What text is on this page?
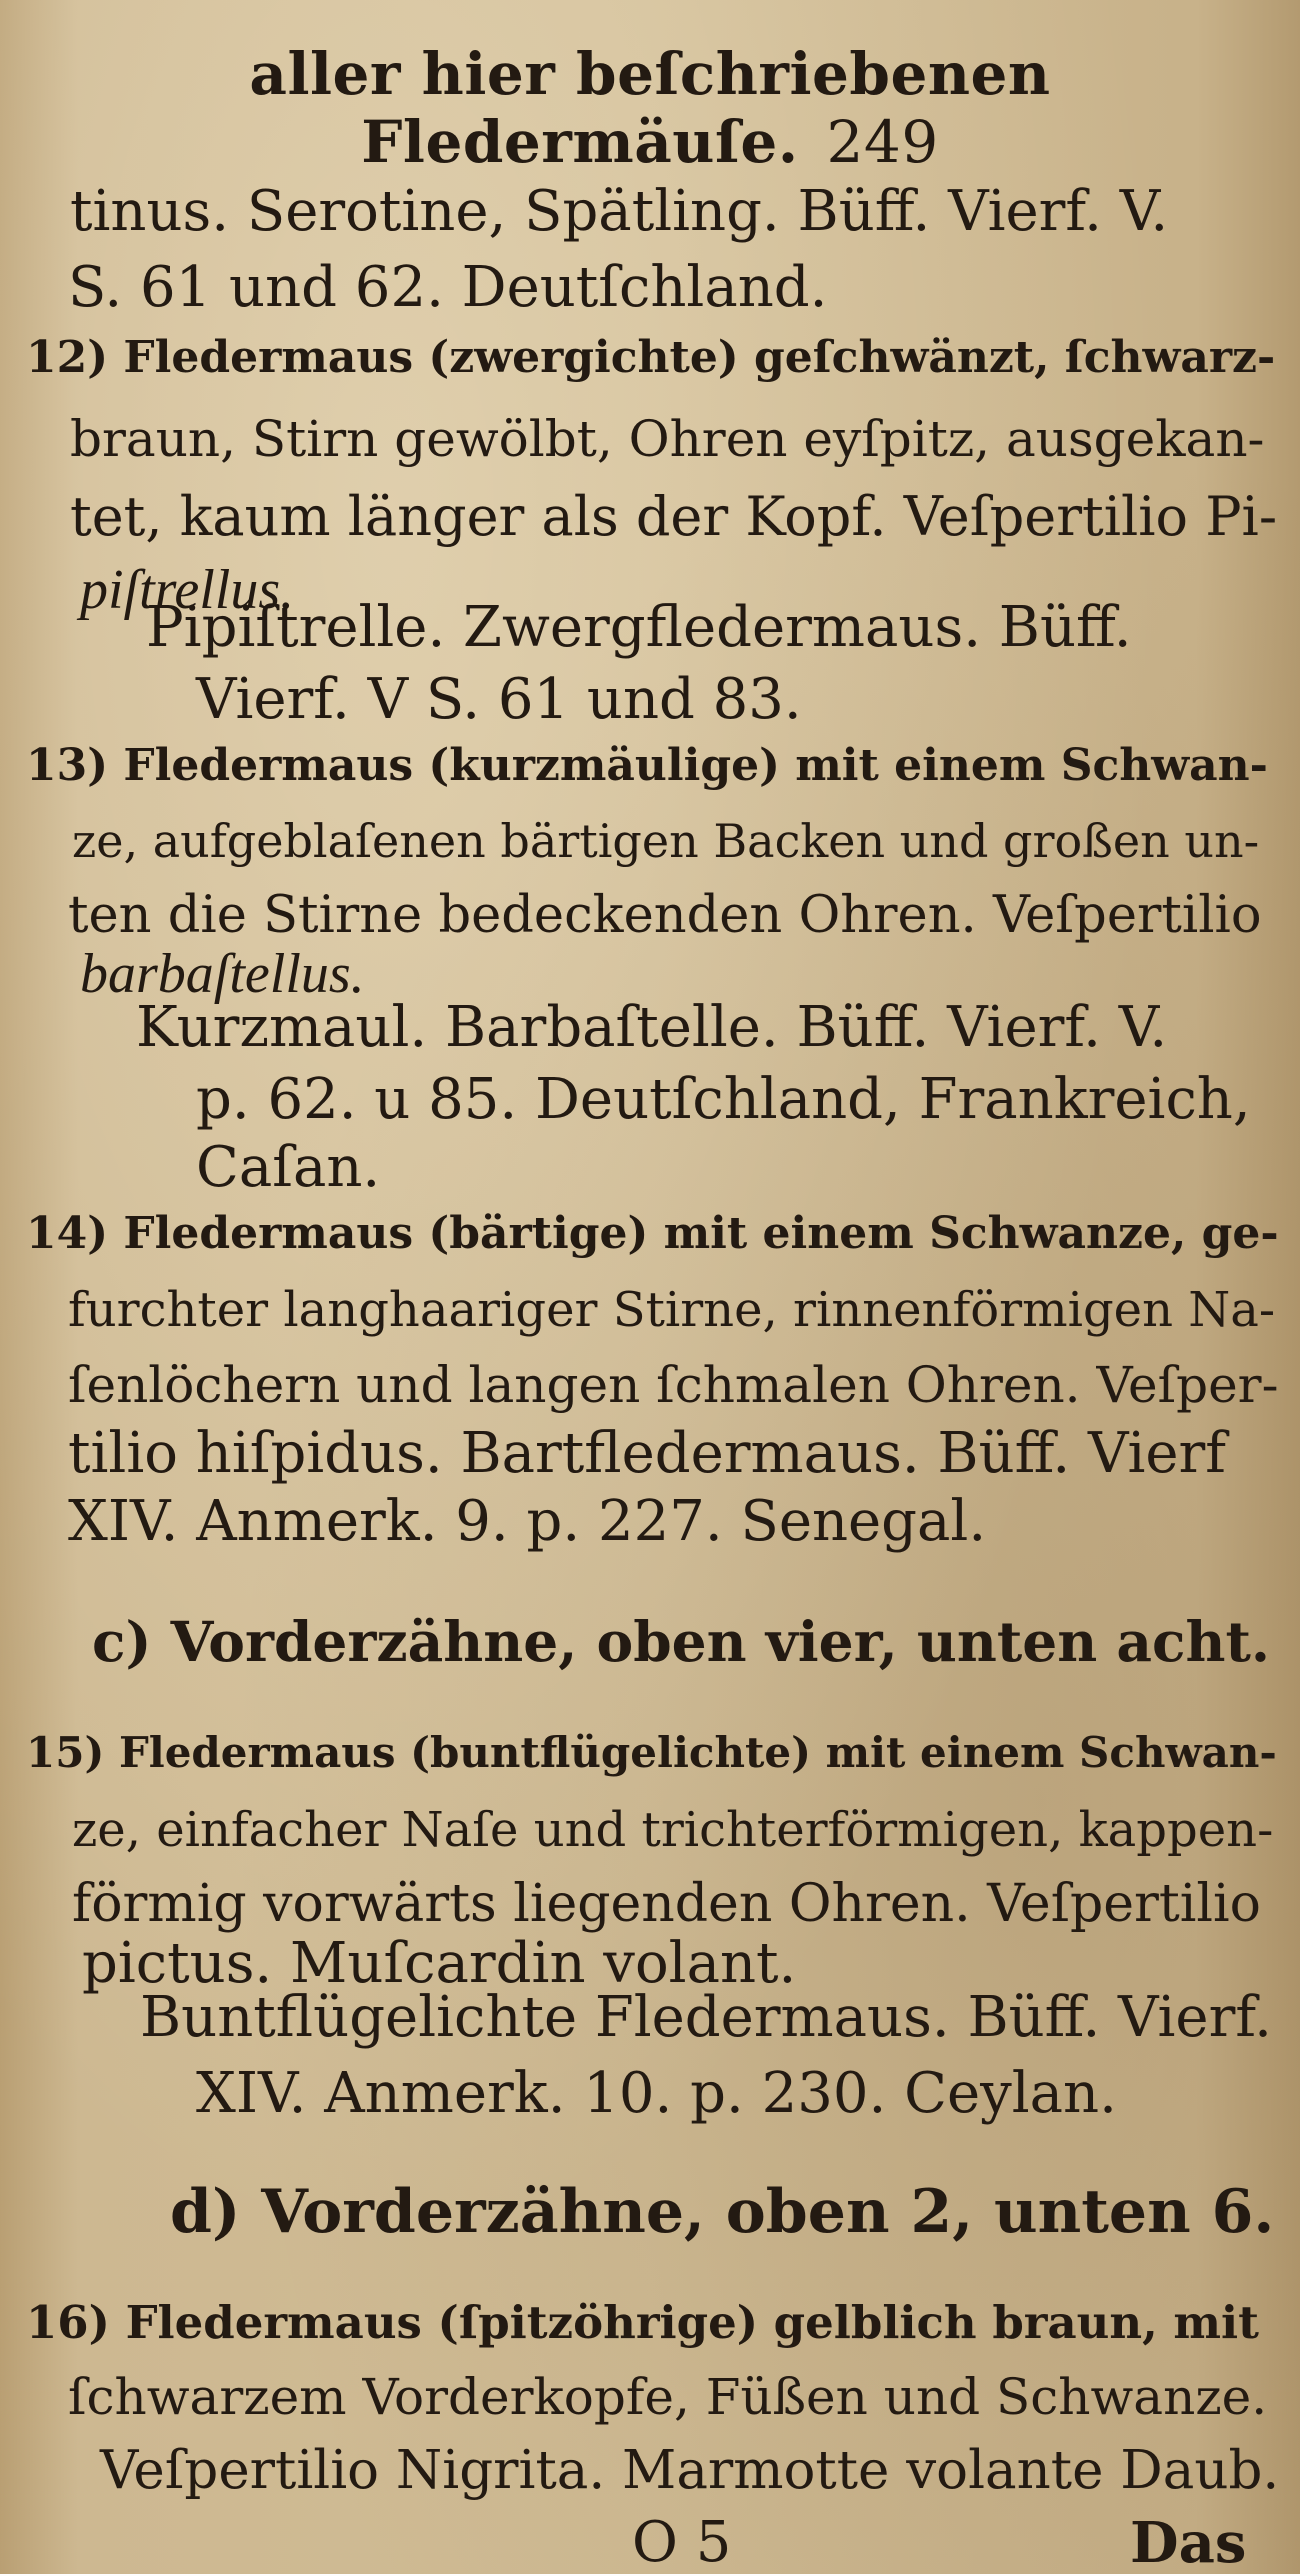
aller hier beſchriebenen Fledermäuſe. 249
tinus. Serotine, Spätling. Büff. Vierf. V.
S. 61 und 62. Deutſchland.
12) Fledermaus (zwergichte) geſchwänzt, ſchwarz-
braun, Stirn gewölbt, Ohren eyſpitz, ausgekan-
tet, kaum länger als der Kopf. Veſpertilio Pi-
piſtrellus.
Pipiſtrelle. Zwergfledermaus. Büff.
Vierf. V S. 61 und 83.
13) Fledermaus (kurzmäulige) mit einem Schwan-
ze, aufgeblaſenen bärtigen Backen und großen un-
ten die Stirne bedeckenden Ohren. Veſpertilio
barbaſtellus.
Kurzmaul. Barbaſtelle. Büff. Vierf. V.
p. 62. u 85. Deutſchland, Frankreich,
Caſan.
14) Fledermaus (bärtige) mit einem Schwanze, ge-
furchter langhaariger Stirne, rinnenförmigen Na-
ſenlöchern und langen ſchmalen Ohren. Veſper-
tilio hiſpidus. Bartfledermaus. Büff. Vierf
XIV. Anmerk. 9. p. 227. Senegal.
c) Vorderzähne, oben vier, unten acht.
15) Fledermaus (buntflügelichte) mit einem Schwan-
ze, einfacher Naſe und trichterförmigen, kappen-
förmig vorwärts liegenden Ohren. Veſpertilio
pictus. Muſcardin volant.
Buntflügelichte Fledermaus. Büff. Vierf.
XIV. Anmerk. 10. p. 230. Ceylan.
d) Vorderzähne, oben 2, unten 6.
16) Fledermaus (ſpitzöhrige) gelblich braun, mit
ſchwarzem Vorderkopfe, Füßen und Schwanze.
Veſpertilio Nigrita. Marmotte volante Daub.
O 5	Das
